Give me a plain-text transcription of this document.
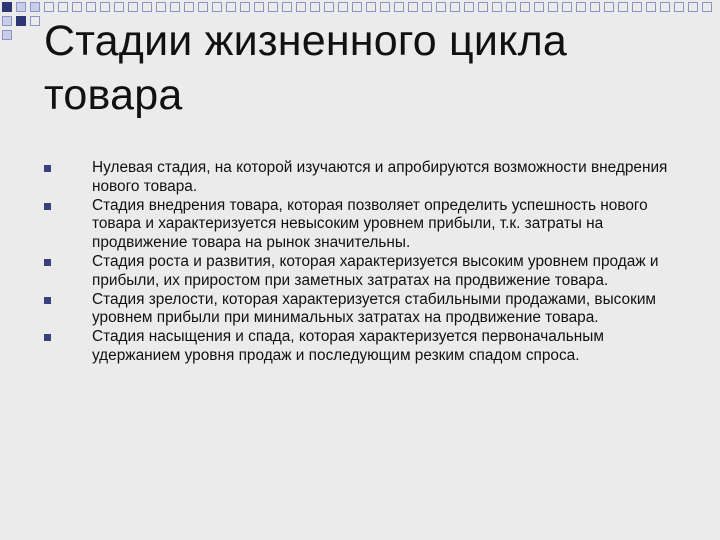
Стадии жизненного цикла товара
Нулевая стадия, на которой изучаются и апробируются возможности внедрения нового товара.
Стадия внедрения товара, которая позволяет определить успешность нового товара и характеризуется невысоким уровнем прибыли, т.к. затраты на продвижение товара на рынок значительны.
Стадия роста и развития, которая характеризуется высоким уровнем продаж и прибыли, их приростом при заметных затратах на продвижение товара.
Стадия зрелости, которая характеризуется стабильными продажами, высоким уровнем прибыли при минимальных затратах на продвижение товара.
Стадия насыщения и спада, которая характеризуется первоначальным удержанием уровня продаж и последующим резким спадом спроса.
